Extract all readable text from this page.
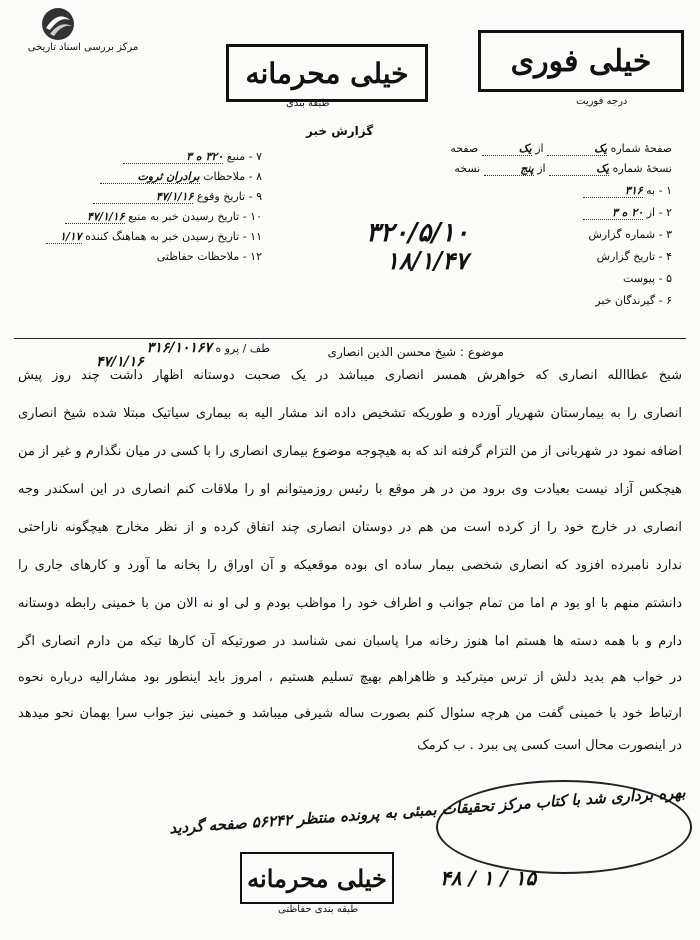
مرکز بررسی اسناد تاریخی	خیلی فوری
درجه فوریت
خیلی محرمانه
طبقه بندی
گزارش خبر
صفحهٔ شماره یک از یک صفحه
نسخهٔ شماره یک از پنج نسخه
۱ - به ۳۱۶
۲ - از ۲۰ ه ۳
۳ - شماره گزارش
۴ - تاریخ گزارش
۵ - پیوست
۶ - گیرندگان خبر
۳۲۰/۵/۱۰
۱۸/۱/۴۷
۷ - منبع ۳۲۰ ه ۳
۸ - ملاحظات برادران ثروت
۹ - تاریخ وقوع ۴۷/۱/۱۶
۱۰ - تاریخ رسیدن خبر به منبع ۴۷/۱/۱۶
۱۱ - تاریخ رسیدن خبر به هماهنگ کننده ۱/۱۷
۱۲ - ملاحظات حفاظتی
موضوع : شیخ محسن الدین انصاری
طف / پرو ه ۳۱۶/۱۰۱۶۷
۴۷/۱/۱۶
شیخ عطاالله انصاری که خواهرش همسر انصاری میباشد در یک صحبت دوستانه اظهار داشت چند روز پیش
انصاری را به بیمارستان شهریار آورده و طوریکه تشخیص داده اند مشار الیه به بیماری سیاتیک مبتلا شده شیخ انصاری
اضافه نمود در شهربانی از من التزام گرفته اند که به هیچوجه موضوع بیماری انصاری را با کسی در میان نگذارم و غیر از من
هیچکس آزاد نیست بعیادت وی برود من در هر موقع با رئیس روزمیتوانم او را ملاقات کنم انصاری در این اسکندر وجه
انصاری در خارج خود را از کرده است من هم در دوستان انصاری چند اتفاق کرده و از نظر مخارج هیچگونه ناراحتی
ندارد نامبرده افزود که انصاری شخصی بیمار ساده ای بوده موقعیکه و آن اوراق را بخانه ما آورد و کارهای جاری را
دانشتم منهم با او بود م اما من تمام جوانب و اطراف خود را مواظب بودم و لی او نه الان من با خمینی رابطه دوستانه
دارم و با همه دسته ها هستم اما هنوز رخانه مرا پاسبان نمی شناسد در صورتیکه آن کارها تیکه من دارم انصاری اگر
در خواب هم بدید دلش از ترس میترکید و ظاهراهم بهیچ تسلیم هستیم ، امروز باید اینطور بود مشارالیه درباره نحوه
ارتباط خود با خمینی گفت من هرچه سئوال کنم بصورت ساله شیرفی میباشد و خمینی نیز جواب سرا بهمان نحو میدهد
در اینصورت محال است کسی پی ببرد . ب کرمک
بهره برداری شد با کتاب مرکز تحقیقات بمبئی به پرونده منتظر ۵۶۲۴۲ صفحه گردید
۱۵ / ۱ / ۴۸
خیلی محرمانه
طبقه بندی حفاظتی
